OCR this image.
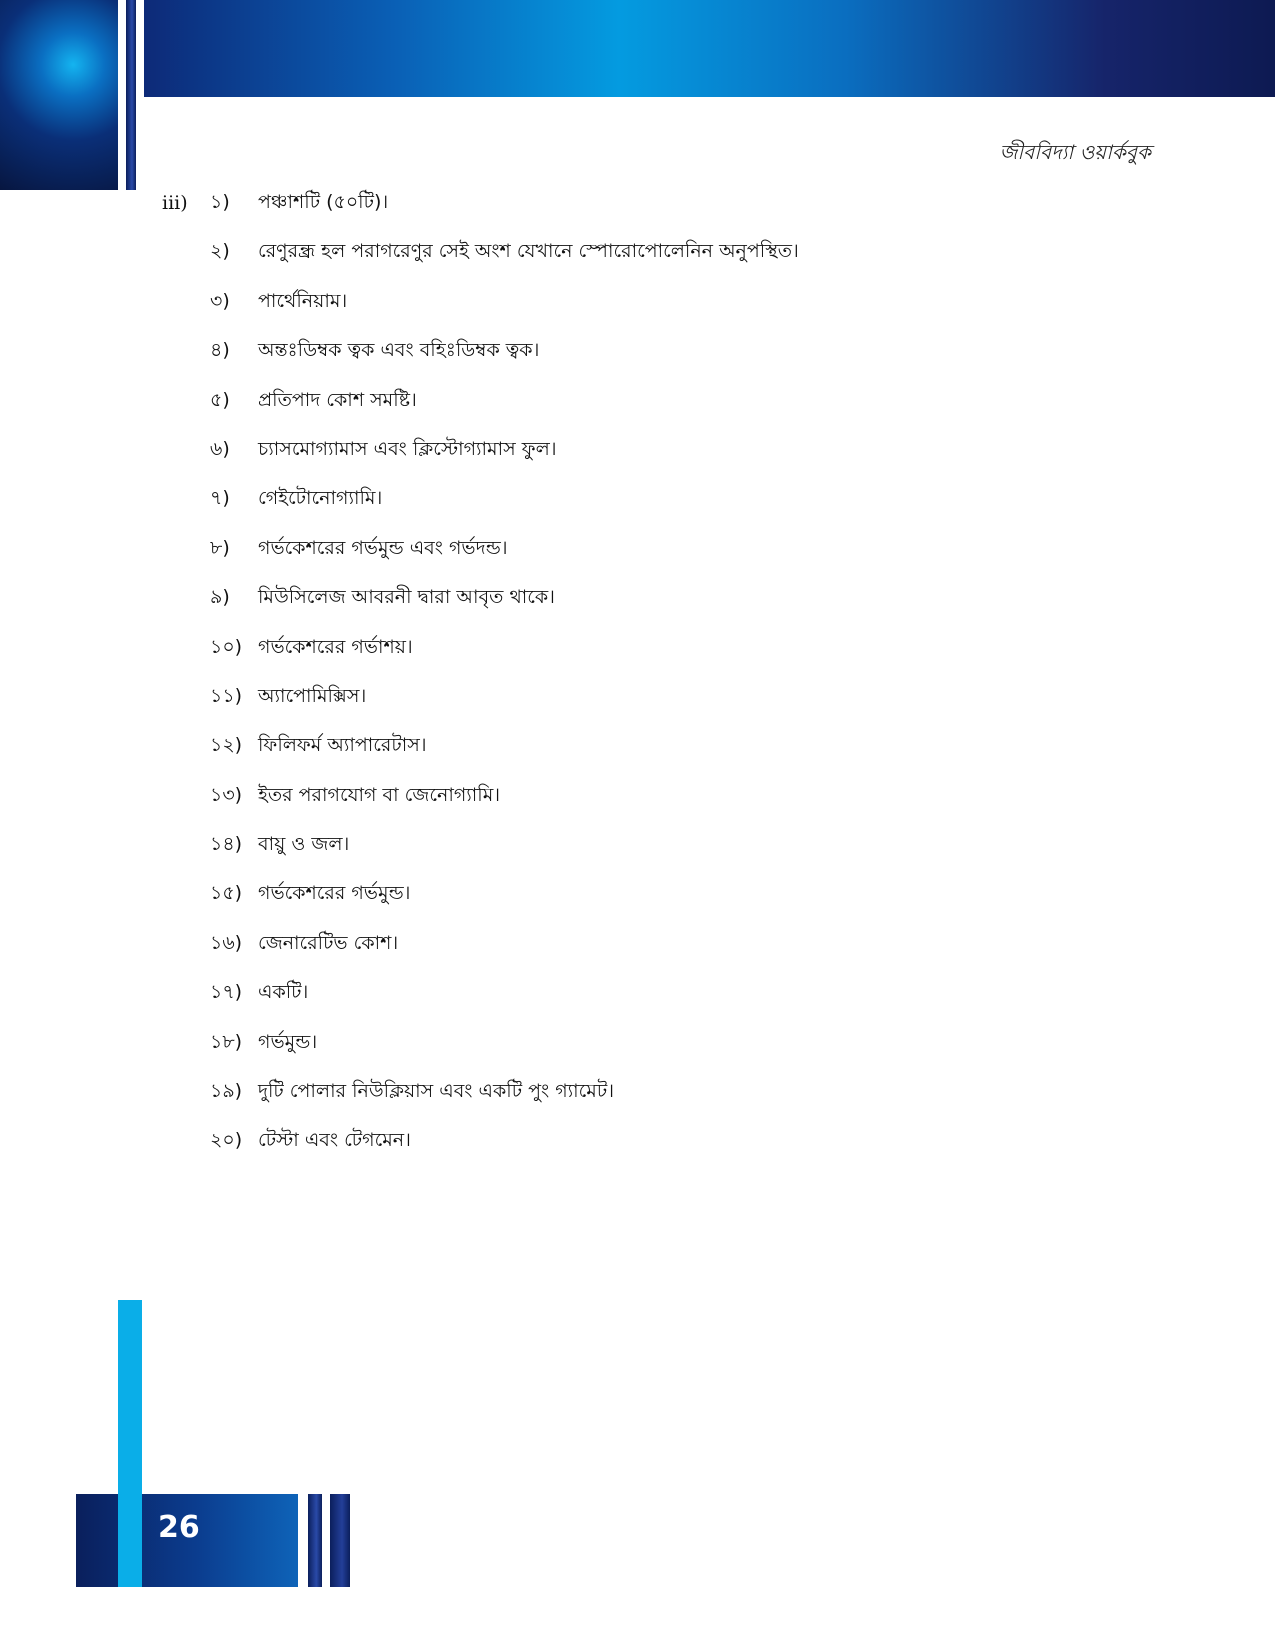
জীববিদ্যা ওয়ার্কবুক
iii) ১)	পঞ্চাশটি (৫০টি)।
২)	রেণুরন্ধ্র হল পরাগরেণুর সেই অংশ যেখানে স্পোরোপোলেনিন অনুপস্থিত।
৩)	পার্থেনিয়াম।
৪)	অন্তঃডিম্বক ত্বক এবং বহিঃডিম্বক ত্বক।
৫)	প্রতিপাদ কোশ সমষ্টি।
৬)	চ্যাসমোগ্যামাস এবং ক্লিস্টোগ্যামাস ফুল।
৭)	গেইটোনোগ্যামি।
৮)	গর্ভকেশরের গর্ভমুন্ড এবং গর্ভদন্ড।
৯)	মিউসিলেজ আবরনী দ্বারা আবৃত থাকে।
১০) গর্ভকেশরের গর্ভাশয়।
১১) অ্যাপোমিক্সিস।
১২) ফিলিফর্ম অ্যাপারেটাস।
১৩) ইতর পরাগযোগ বা জেনোগ্যামি।
১৪) বায়ু ও জল।
১৫) গর্ভকেশরের গর্ভমুন্ড।
১৬) জেনারেটিভ কোশ।
১৭) একটি।
১৮) গর্ভমুন্ড।
১৯) দুটি পোলার নিউক্লিয়াস এবং একটি পুং গ্যামেট।
২০) টেস্টা এবং টেগমেন।
26
